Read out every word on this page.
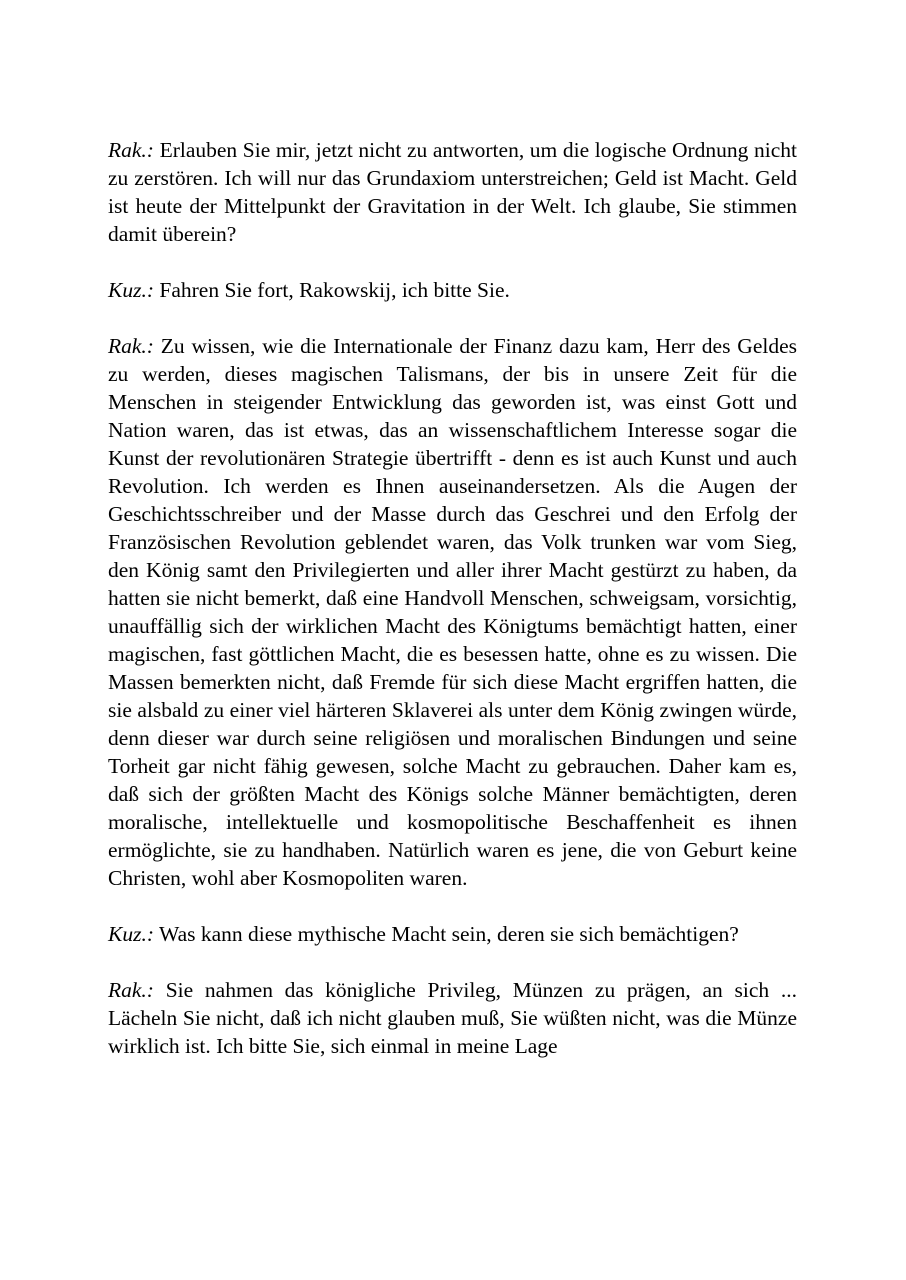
Rak.: Erlauben Sie mir, jetzt nicht zu antworten, um die logische Ordnung nicht zu zerstören. Ich will nur das Grundaxiom unterstreichen; Geld ist Macht. Geld ist heute der Mittelpunkt der Gravitation in der Welt. Ich glaube, Sie stimmen damit überein?

Kuz.: Fahren Sie fort, Rakowskij, ich bitte Sie.

Rak.: Zu wissen, wie die Internationale der Finanz dazu kam, Herr des Geldes zu werden, dieses magischen Talismans, der bis in unsere Zeit für die Menschen in steigender Entwicklung das geworden ist, was einst Gott und Nation waren, das ist etwas, das an wissenschaftlichem Interesse sogar die Kunst der revolutionären Strategie übertrifft - denn es ist auch Kunst und auch Revolution. Ich werden es Ihnen auseinandersetzen. Als die Augen der Geschichtsschreiber und der Masse durch das Geschrei und den Erfolg der Französischen Revolution geblendet waren, das Volk trunken war vom Sieg, den König samt den Privilegierten und aller ihrer Macht gestürzt zu haben, da hatten sie nicht bemerkt, daß eine Handvoll Menschen, schweigsam, vorsichtig, unauffällig sich der wirklichen Macht des Königtums bemächtigt hatten, einer magischen, fast göttlichen Macht, die es besessen hatte, ohne es zu wissen. Die Massen bemerkten nicht, daß Fremde für sich diese Macht ergriffen hatten, die sie alsbald zu einer viel härteren Sklaverei als unter dem König zwingen würde, denn dieser war durch seine religiösen und moralischen Bindungen und seine Torheit gar nicht fähig gewesen, solche Macht zu gebrauchen. Daher kam es, daß sich der größten Macht des Königs solche Männer bemächtigten, deren moralische, intellektuelle und kosmopolitische Beschaffenheit es ihnen ermöglichte, sie zu handhaben. Natürlich waren es jene, die von Geburt keine Christen, wohl aber Kosmopoliten waren.

Kuz.: Was kann diese mythische Macht sein, deren sie sich bemächtigen?

Rak.: Sie nahmen das königliche Privileg, Münzen zu prägen, an sich ... Lächeln Sie nicht, daß ich nicht glauben muß, Sie wüßten nicht, was die Münze wirklich ist. Ich bitte Sie, sich einmal in meine Lage
